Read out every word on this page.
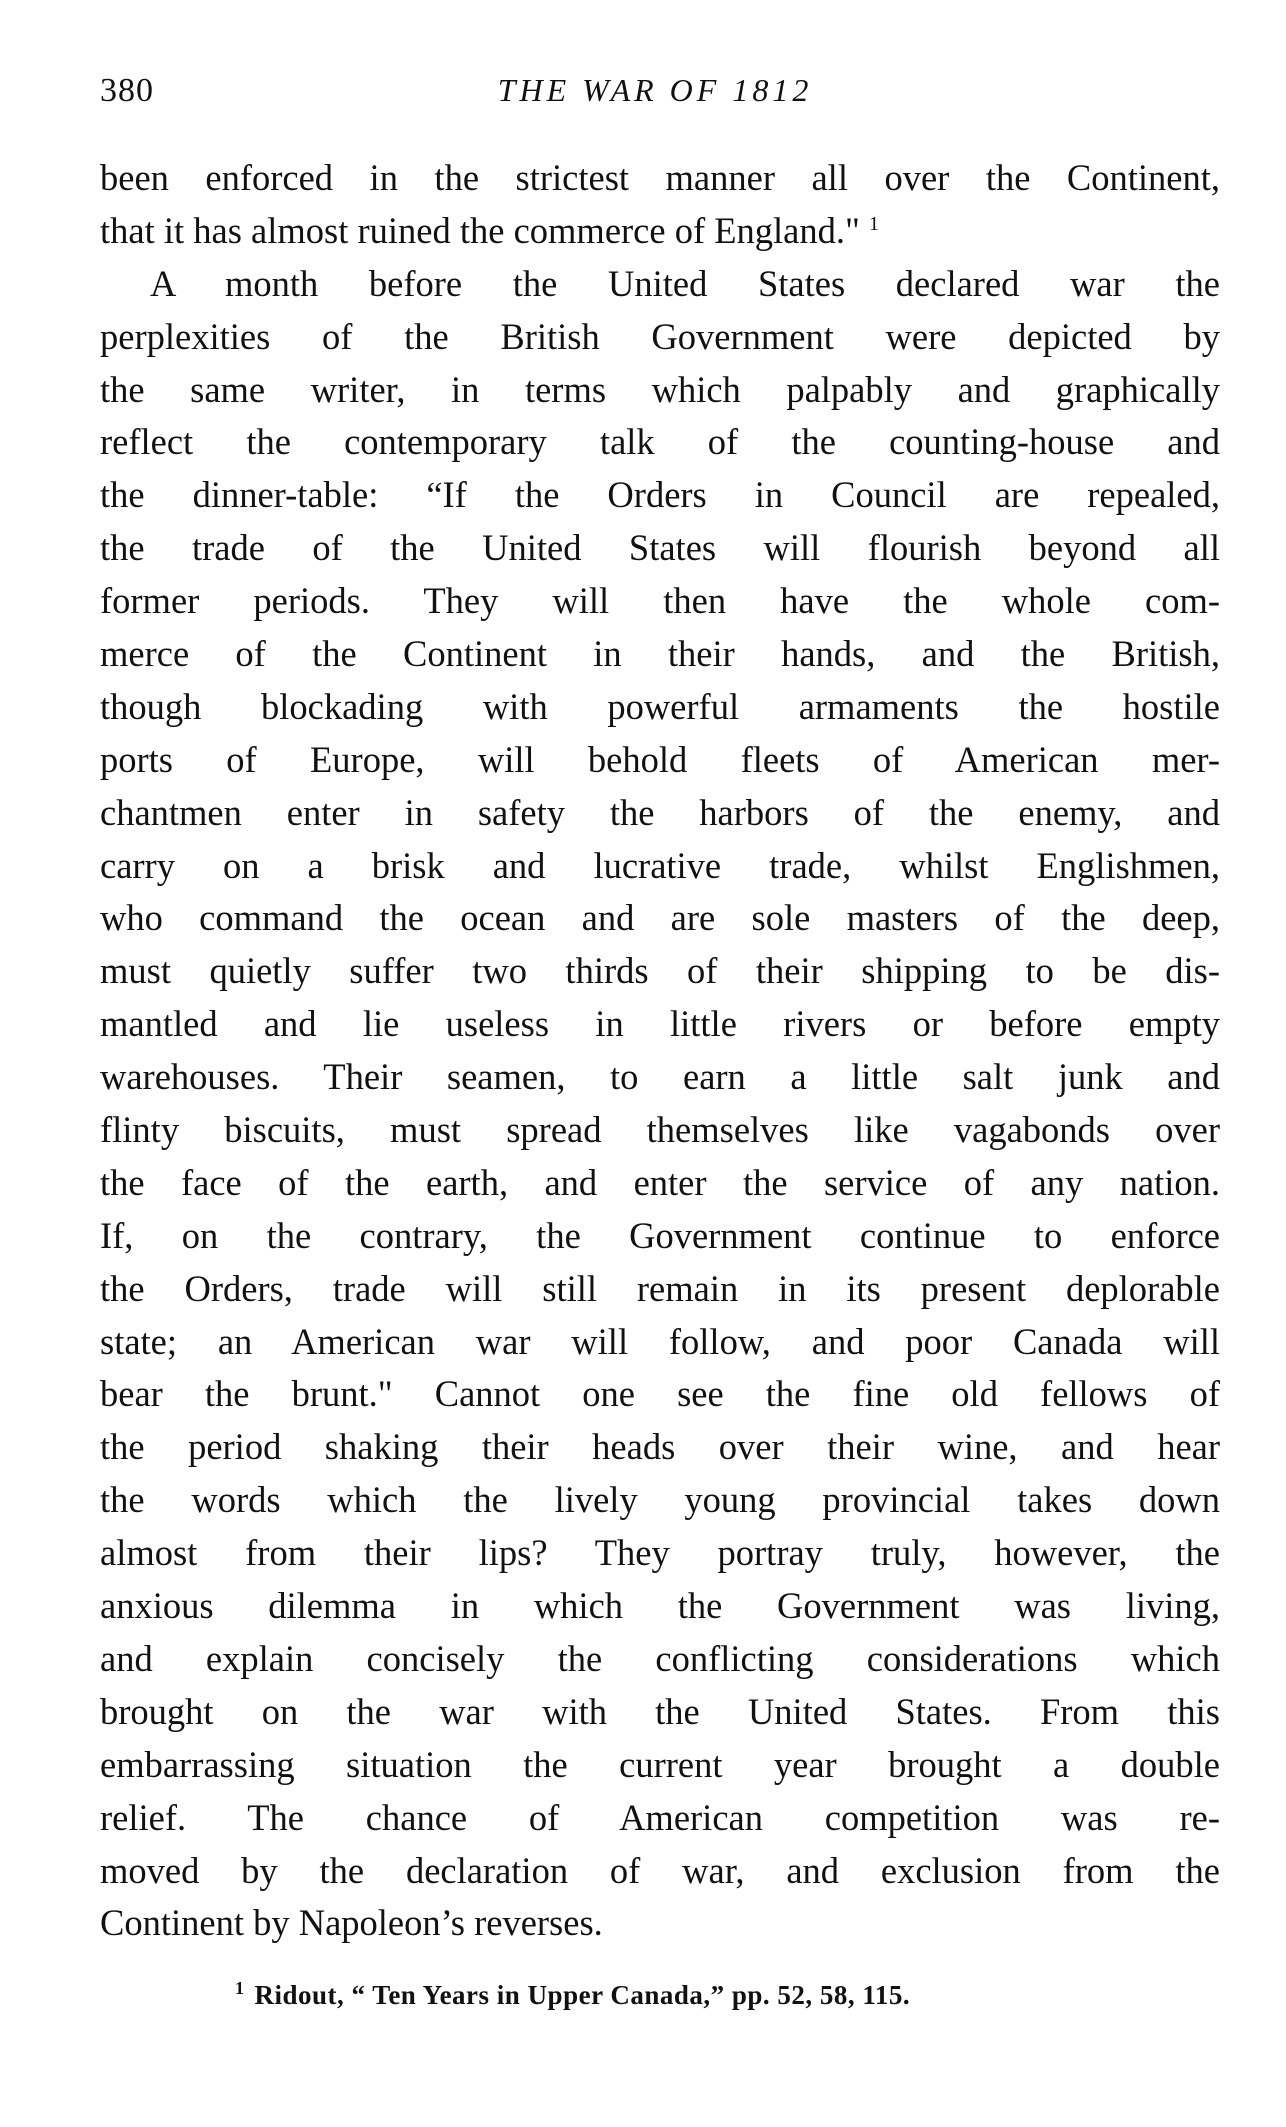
380	THE WAR OF 1812
been enforced in the strictest manner all over the Continent,
that it has almost ruined the commerce of England." $^1$
A month before the United States declared war the
perplexities of the British Government were depicted by
the same writer, in terms which palpably and graphically
reflect the contemporary talk of the counting-house and
the dinner-table: “If the Orders in Council are repealed,
the trade of the United States will flourish beyond all
former periods. They will then have the whole com-
merce of the Continent in their hands, and the British,
though blockading with powerful armaments the hostile
ports of Europe, will behold fleets of American mer-
chantmen enter in safety the harbors of the enemy, and
carry on a brisk and lucrative trade, whilst Englishmen,
who command the ocean and are sole masters of the deep,
must quietly suffer two thirds of their shipping to be dis-
mantled and lie useless in little rivers or before empty
warehouses. Their seamen, to earn a little salt junk and
flinty biscuits, must spread themselves like vagabonds over
the face of the earth, and enter the service of any nation.
If, on the contrary, the Government continue to enforce
the Orders, trade will still remain in its present deplorable
state; an American war will follow, and poor Canada will
bear the brunt." Cannot one see the fine old fellows of
the period shaking their heads over their wine, and hear
the words which the lively young provincial takes down
almost from their lips? They portray truly, however, the
anxious dilemma in which the Government was living,
and explain concisely the conflicting considerations which
brought on the war with the United States. From this
embarrassing situation the current year brought a double
relief. The chance of American competition was re-
moved by the declaration of war, and exclusion from the
Continent by Napoleon’s reverses.
$^1$ Ridout, “ Ten Years in Upper Canada,” pp. 52, 58, 115.
